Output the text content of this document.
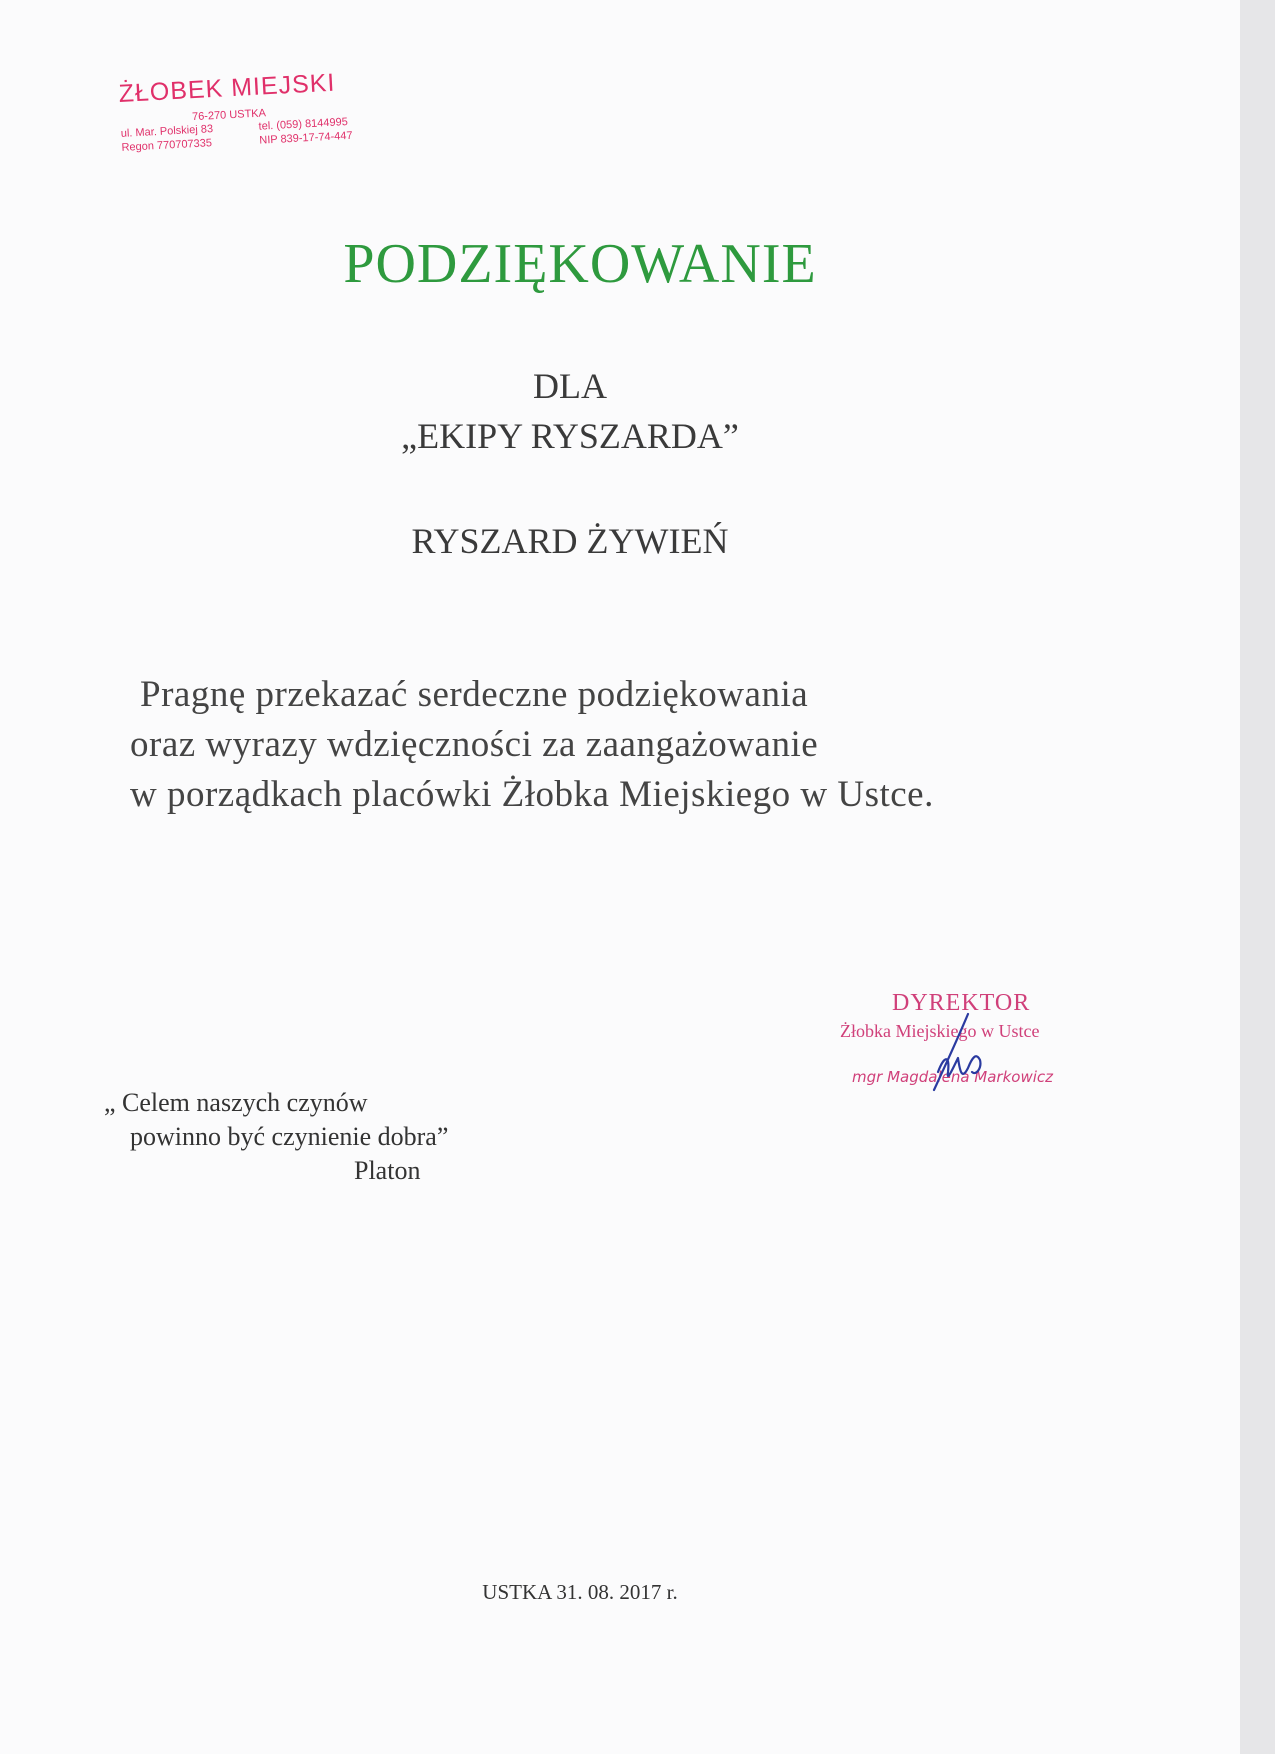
ŻŁOBEK MIEJSKI
76-270 USTKA
ul. Mar. Polskiej 83	tel. (059) 8144995
Regon 770707335	NIP 839-17-74-447
PODZIĘKOWANIE
DLA
„EKIPY RYSZARDA”
RYSZARD ŻYWIEŃ
Pragnę przekazać serdeczne podziękowania
oraz wyrazy wdzięczności za zaangażowanie
w porządkach placówki Żłobka Miejskiego w Ustce.
DYREKTOR
Żłobka Miejskiego w Ustce
mgr Magdalena Markowicz
„ Celem naszych czynów
powinno być czynienie dobra”
Platon
USTKA 31. 08. 2017 r.
